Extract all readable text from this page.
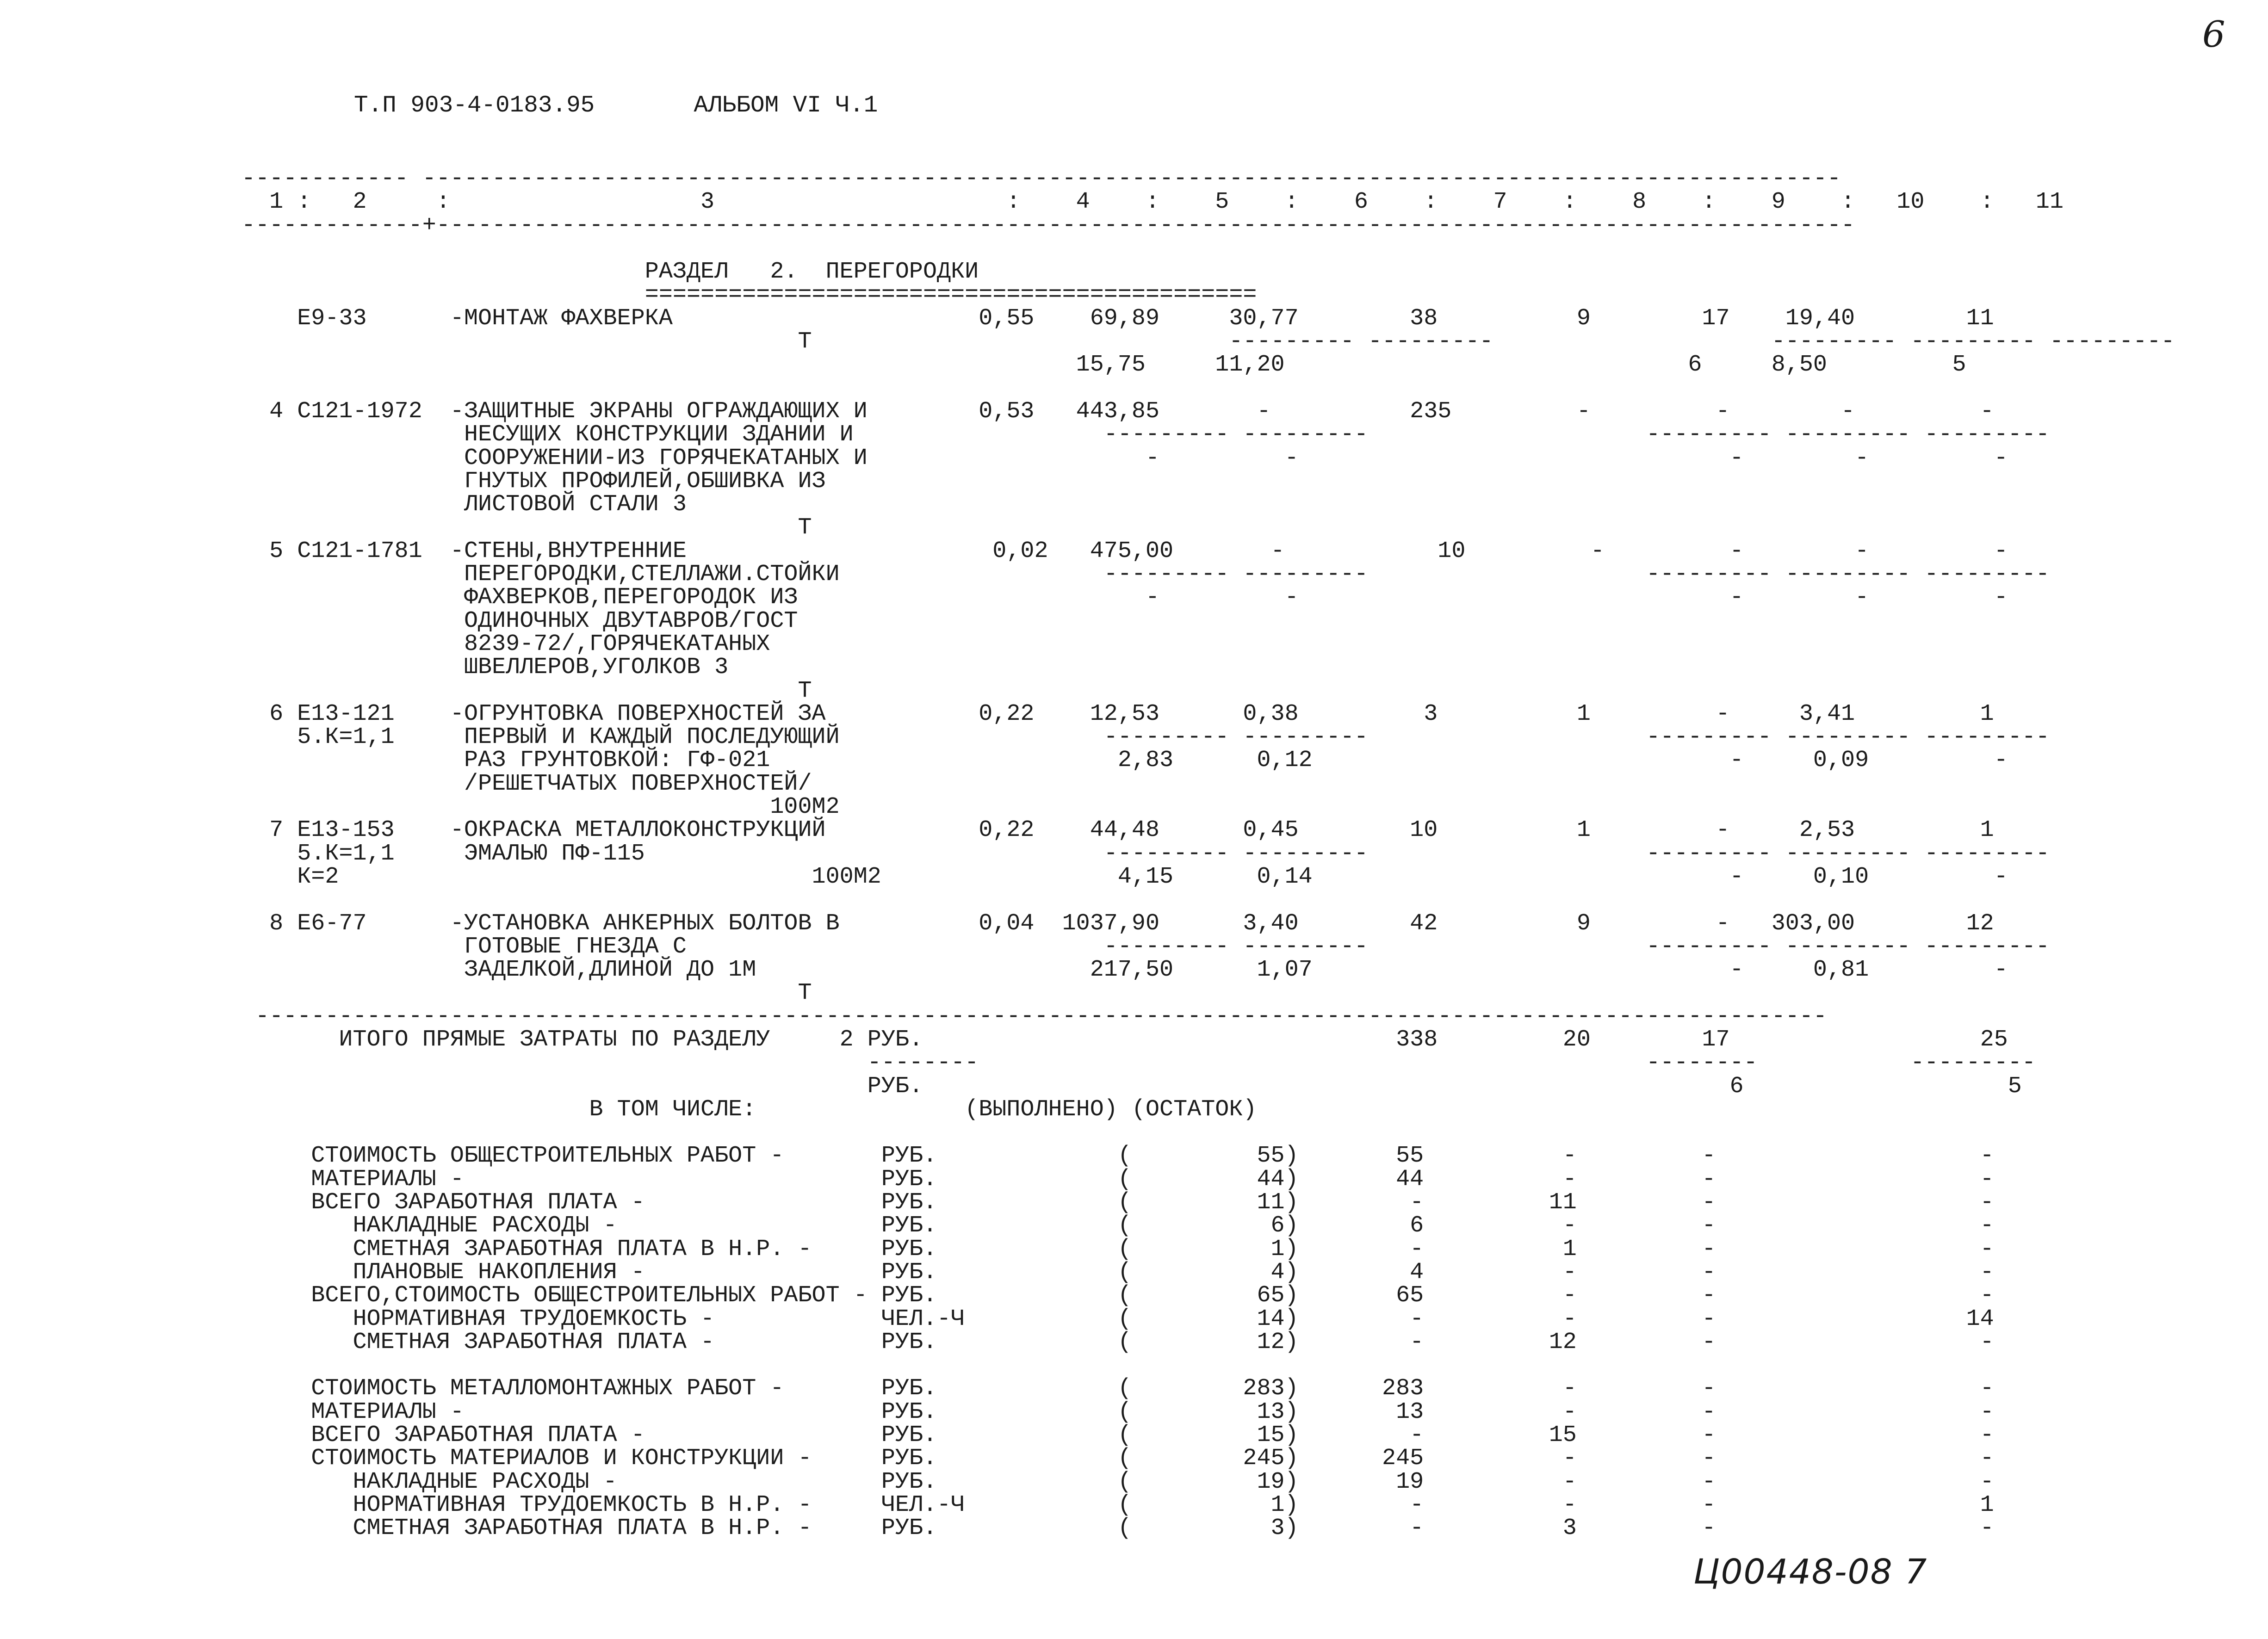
6
Т.П 903-4-0183.95	АЛЬБОМ VI Ч.1
------------ ------------------------------------------------------------------------------------------------------
1 :   2     :                  3                     :    4    :    5    :    6    :    7    :    8    :    9    :   10    :   11
-------------+------------------------------------------------------------------------------------------------------
РАЗДЕЛ   2.  ПЕРЕГОРОДКИ
============================================
Е9-33      -МОНТАЖ ФАХВЕРКА                      0,55    69,89     30,77        38          9        17    19,40        11
Т                              --------- ---------                    --------- --------- ---------
15,75     11,20                             6     8,50         5
4 С121-1972  -ЗАЩИТНЫЕ ЭКРАНЫ ОГРАЖДАЮЩИХ И        0,53   443,85       -          235         -         -        -         -
НЕСУЩИХ КОНСТРУКЦИИ ЗДАНИИ И                  --------- ---------                    --------- --------- ---------
СООРУЖЕНИИ-ИЗ ГОРЯЧЕКАТАНЫХ И                    -         -                               -        -         -
ГНУТЫХ ПРОФИЛЕЙ,ОБШИВКА ИЗ
ЛИСТОВОЙ СТАЛИ 3
Т
5 С121-1781  -СТЕНЫ,ВНУТРЕННИЕ                      0,02   475,00       -           10         -         -        -         -
ПЕРЕГОРОДКИ,СТЕЛЛАЖИ.СТОЙКИ                   --------- ---------                    --------- --------- ---------
ФАХВЕРКОВ,ПЕРЕГОРОДОК ИЗ                         -         -                               -        -         -
ОДИНОЧНЫХ ДВУТАВРОВ/ГОСТ
8239-72/,ГОРЯЧЕКАТАНЫХ
ШВЕЛЛЕРОВ,УГОЛКОВ 3
Т
6 Е13-121    -ОГРУНТОВКА ПОВЕРХНОСТЕЙ ЗА           0,22    12,53      0,38         3          1         -     3,41         1
5.К=1,1     ПЕРВЫЙ И КАЖДЫЙ ПОСЛЕДУЮЩИЙ                   --------- ---------                    --------- --------- ---------
РАЗ ГРУНТОВКОЙ: ГФ-021                         2,83      0,12                              -     0,09         -
/РЕШЕТЧАТЫХ ПОВЕРХНОСТЕЙ/
100М2
7 Е13-153    -ОКРАСКА МЕТАЛЛОКОНСТРУКЦИЙ           0,22    44,48      0,45        10          1         -     2,53         1
5.К=1,1     ЭМАЛЬЮ ПФ-115                                 --------- ---------                    --------- --------- ---------
К=2                                  100М2                 4,15      0,14                              -     0,10         -
8 Е6-77      -УСТАНОВКА АНКЕРНЫХ БОЛТОВ В          0,04  1037,90      3,40        42          9         -   303,00        12
ГОТОВЫЕ ГНЕЗДА С                              --------- ---------                    --------- --------- ---------
ЗАДЕЛКОЙ,ДЛИНОЙ ДО 1М                        217,50      1,07                              -     0,81         -
Т
-----------------------------------------------------------------------------------------------------------------
ИТОГО ПРЯМЫЕ ЗАТРАТЫ ПО РАЗДЕЛУ     2 РУБ.                                  338         20        17                  25
--------                                                --------           ---------
РУБ.                                                          6                   5
В ТОМ ЧИСЛЕ:               (ВЫПОЛНЕНО) (ОСТАТОК)
СТОИМОСТЬ ОБЩЕСТРОИТЕЛЬНЫХ РАБОТ -       РУБ.             (         55)       55          -         -                   -
МАТЕРИАЛЫ -                              РУБ.             (         44)       44          -         -                   -
ВСЕГО ЗАРАБОТНАЯ ПЛАТА -                 РУБ.             (         11)        -         11         -                   -
НАКЛАДНЫЕ РАСХОДЫ -                   РУБ.             (          6)        6          -         -                   -
СМЕТНАЯ ЗАРАБОТНАЯ ПЛАТА В Н.Р. -     РУБ.             (          1)        -          1         -                   -
ПЛАНОВЫЕ НАКОПЛЕНИЯ -                 РУБ.             (          4)        4          -         -                   -
ВСЕГО,СТОИМОСТЬ ОБЩЕСТРОИТЕЛЬНЫХ РАБОТ - РУБ.             (         65)       65          -         -                   -
НОРМАТИВНАЯ ТРУДОЕМКОСТЬ -            ЧЕЛ.-Ч           (         14)        -          -         -                  14
СМЕТНАЯ ЗАРАБОТНАЯ ПЛАТА -            РУБ.             (         12)        -         12         -                   -
СТОИМОСТЬ МЕТАЛЛОМОНТАЖНЫХ РАБОТ -       РУБ.             (        283)      283          -         -                   -
МАТЕРИАЛЫ -                              РУБ.             (         13)       13          -         -                   -
ВСЕГО ЗАРАБОТНАЯ ПЛАТА -                 РУБ.             (         15)        -         15         -                   -
СТОИМОСТЬ МАТЕРИАЛОВ И КОНСТРУКЦИИ -     РУБ.             (        245)      245          -         -                   -
НАКЛАДНЫЕ РАСХОДЫ -                   РУБ.             (         19)       19          -         -                   -
НОРМАТИВНАЯ ТРУДОЕМКОСТЬ В Н.Р. -     ЧЕЛ.-Ч           (          1)        -          -         -                   1
СМЕТНАЯ ЗАРАБОТНАЯ ПЛАТА В Н.Р. -     РУБ.             (          3)        -          3         -                   -
Ц00448-08 7
